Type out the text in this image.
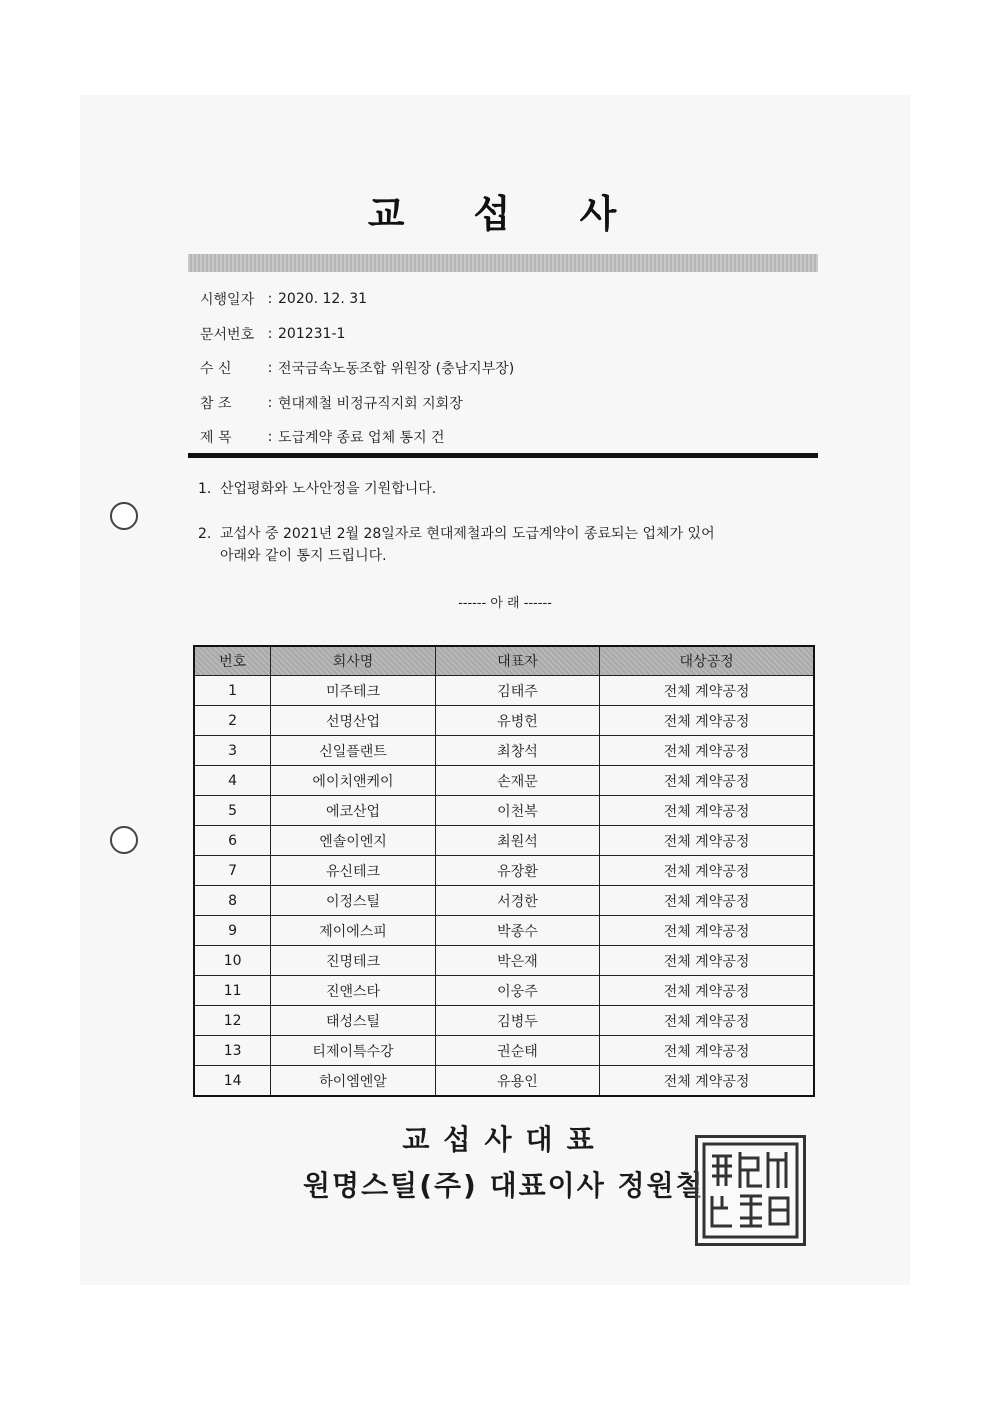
교 섭 사
시행일자 : 2020. 12. 31
문서번호 : 201231-1
수 신	: 전국금속노동조합 위원장 (충남지부장)
참 조	: 현대제철 비정규직지회 지회장
제 목	: 도급계약 종료 업체 통지 건
1. 산업평화와 노사안정을 기원합니다.
2. 교섭사 중 2021년 2월 28일자로 현대제철과의 도급계약이 종료되는 업체가 있어
아래와 같이 통지 드립니다.
------ 아 래 ------
번호	회사명	대표자	대상공정
1	미주테크	김태주	전체 계약공정
2	선명산업	유병헌	전체 계약공정
3	신일플랜트	최창석	전체 계약공정
4	에이치앤케이	손재문	전체 계약공정
5	에코산업	이천복	전체 계약공정
6	엔솔이엔지	최원석	전체 계약공정
7	유신테크	유장환	전체 계약공정
8	이정스틸	서경한	전체 계약공정
9	제이에스피	박종수	전체 계약공정
10	진명테크	박은재	전체 계약공정
11	진앤스타	이웅주	전체 계약공정
12	태성스틸	김병두	전체 계약공정
13	티제이특수강	권순태	전체 계약공정
14	하이엠엔알	유용인	전체 계약공정
교섭사대표
원명스틸(주) 대표이사 정원철
